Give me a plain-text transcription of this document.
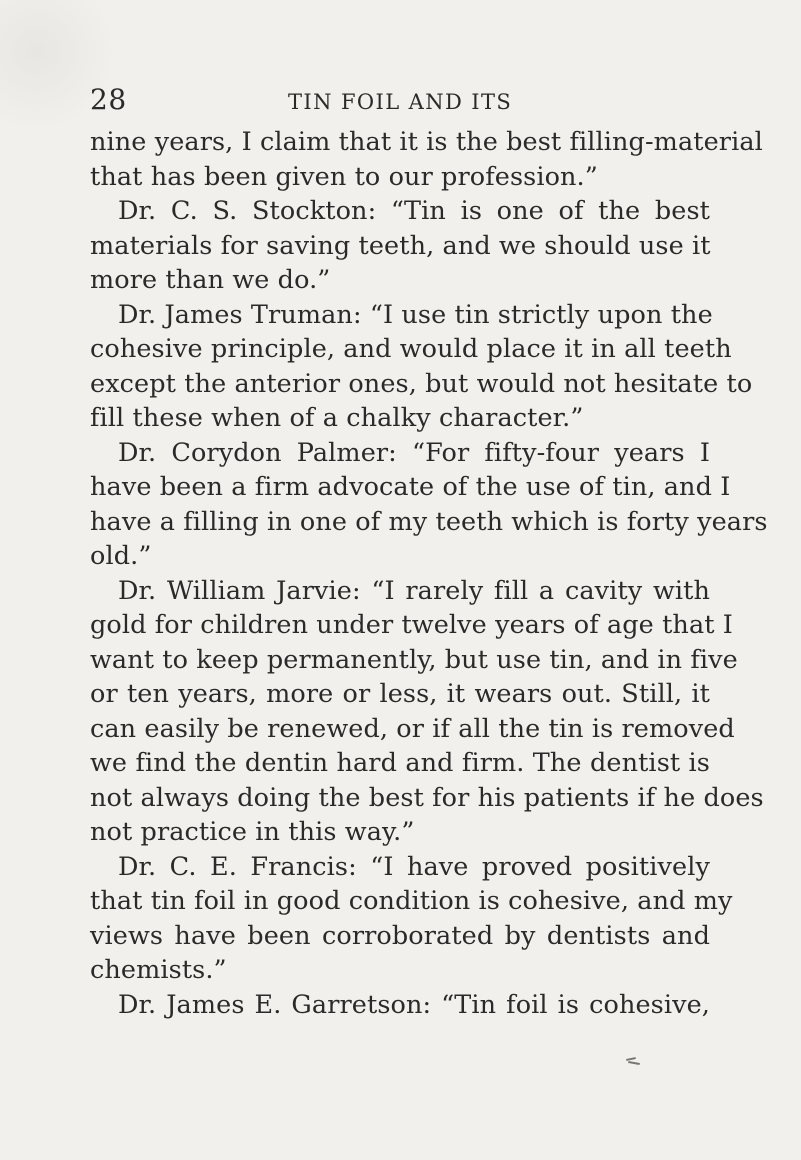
28	TIN FOIL AND ITS
nine years, I claim that it is the best filling-material
that has been given to our profession.”
Dr. C. S. Stockton: “Tin is one of the best
materials for saving teeth, and we should use it
more than we do.”
Dr. James Truman: “I use tin strictly upon the
cohesive principle, and would place it in all teeth
except the anterior ones, but would not hesitate to
fill these when of a chalky character.”
Dr. Corydon Palmer: “For fifty-four years I
have been a firm advocate of the use of tin, and I
have a filling in one of my teeth which is forty years
old.”
Dr. William Jarvie: “I rarely fill a cavity with
gold for children under twelve years of age that I
want to keep permanently, but use tin, and in five
or ten years, more or less, it wears out. Still, it
can easily be renewed, or if all the tin is removed
we find the dentin hard and firm. The dentist is
not always doing the best for his patients if he does
not practice in this way.”
Dr. C. E. Francis: “I have proved positively
that tin foil in good condition is cohesive, and my
views have been corroborated by dentists and
chemists.”
Dr. James E. Garretson: “Tin foil is cohesive,
